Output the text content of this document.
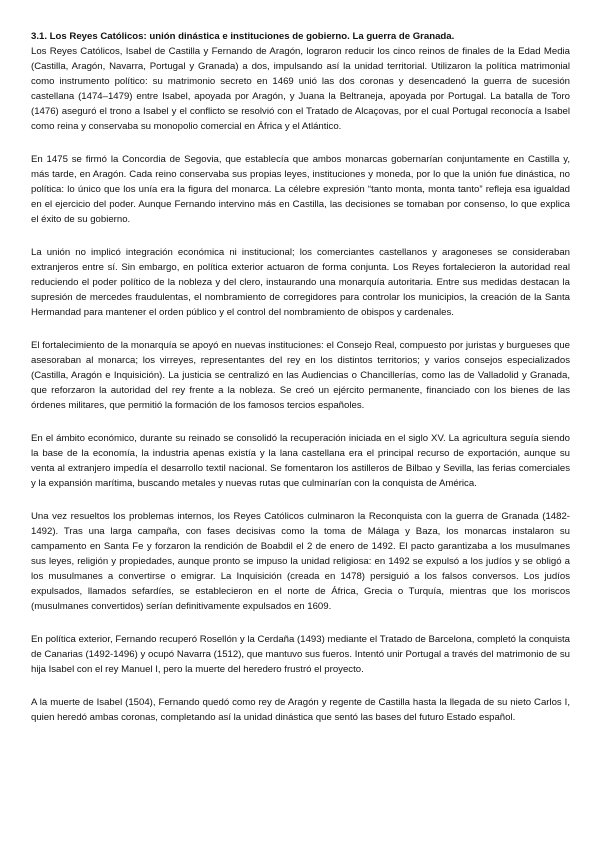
3.1. Los Reyes Católicos: unión dinástica e instituciones de gobierno. La guerra de Granada.

Los Reyes Católicos, Isabel de Castilla y Fernando de Aragón, lograron reducir los cinco reinos de finales de la Edad Media (Castilla, Aragón, Navarra, Portugal y Granada) a dos, impulsando así la unidad territorial. Utilizaron la política matrimonial como instrumento político: su matrimonio secreto en 1469 unió las dos coronas y desencadenó la guerra de sucesión castellana (1474–1479) entre Isabel, apoyada por Aragón, y Juana la Beltraneja, apoyada por Portugal. La batalla de Toro (1476) aseguró el trono a Isabel y el conflicto se resolvió con el Tratado de Alcaçovas, por el cual Portugal reconocía a Isabel como reina y conservaba su monopolio comercial en África y el Atlántico.

En 1475 se firmó la Concordia de Segovia, que establecía que ambos monarcas gobernarían conjuntamente en Castilla y, más tarde, en Aragón. Cada reino conservaba sus propias leyes, instituciones y moneda, por lo que la unión fue dinástica, no política: lo único que los unía era la figura del monarca. La célebre expresión “tanto monta, monta tanto” refleja esa igualdad en el ejercicio del poder. Aunque Fernando intervino más en Castilla, las decisiones se tomaban por consenso, lo que explica el éxito de su gobierno.

La unión no implicó integración económica ni institucional; los comerciantes castellanos y aragoneses se consideraban extranjeros entre sí. Sin embargo, en política exterior actuaron de forma conjunta. Los Reyes fortalecieron la autoridad real reduciendo el poder político de la nobleza y del clero, instaurando una monarquía autoritaria. Entre sus medidas destacan la supresión de mercedes fraudulentas, el nombramiento de corregidores para controlar los municipios, la creación de la Santa Hermandad para mantener el orden público y el control del nombramiento de obispos y cardenales.

El fortalecimiento de la monarquía se apoyó en nuevas instituciones: el Consejo Real, compuesto por juristas y burgueses que asesoraban al monarca; los virreyes, representantes del rey en los distintos territorios; y varios consejos especializados (Castilla, Aragón e Inquisición). La justicia se centralizó en las Audiencias o Chancillerías, como las de Valladolid y Granada, que reforzaron la autoridad del rey frente a la nobleza. Se creó un ejército permanente, financiado con los bienes de las órdenes militares, que permitió la formación de los famosos tercios españoles.

En el ámbito económico, durante su reinado se consolidó la recuperación iniciada en el siglo XV. La agricultura seguía siendo la base de la economía, la industria apenas existía y la lana castellana era el principal recurso de exportación, aunque su venta al extranjero impedía el desarrollo textil nacional. Se fomentaron los astilleros de Bilbao y Sevilla, las ferias comerciales y la expansión marítima, buscando metales y nuevas rutas que culminarían con la conquista de América.

Una vez resueltos los problemas internos, los Reyes Católicos culminaron la Reconquista con la guerra de Granada (1482-1492). Tras una larga campaña, con fases decisivas como la toma de Málaga y Baza, los monarcas instalaron su campamento en Santa Fe y forzaron la rendición de Boabdil el 2 de enero de 1492. El pacto garantizaba a los musulmanes sus leyes, religión y propiedades, aunque pronto se impuso la unidad religiosa: en 1492 se expulsó a los judíos y se obligó a los musulmanes a convertirse o emigrar. La Inquisición (creada en 1478) persiguió a los falsos conversos. Los judíos expulsados, llamados sefardíes, se establecieron en el norte de África, Grecia o Turquía, mientras que los moriscos (musulmanes convertidos) serían definitivamente expulsados en 1609.

En política exterior, Fernando recuperó Rosellón y la Cerdaña (1493) mediante el Tratado de Barcelona, completó la conquista de Canarias (1492-1496) y ocupó Navarra (1512), que mantuvo sus fueros. Intentó unir Portugal a través del matrimonio de su hija Isabel con el rey Manuel I, pero la muerte del heredero frustró el proyecto.

A la muerte de Isabel (1504), Fernando quedó como rey de Aragón y regente de Castilla hasta la llegada de su nieto Carlos I, quien heredó ambas coronas, completando así la unidad dinástica que sentó las bases del futuro Estado español.
